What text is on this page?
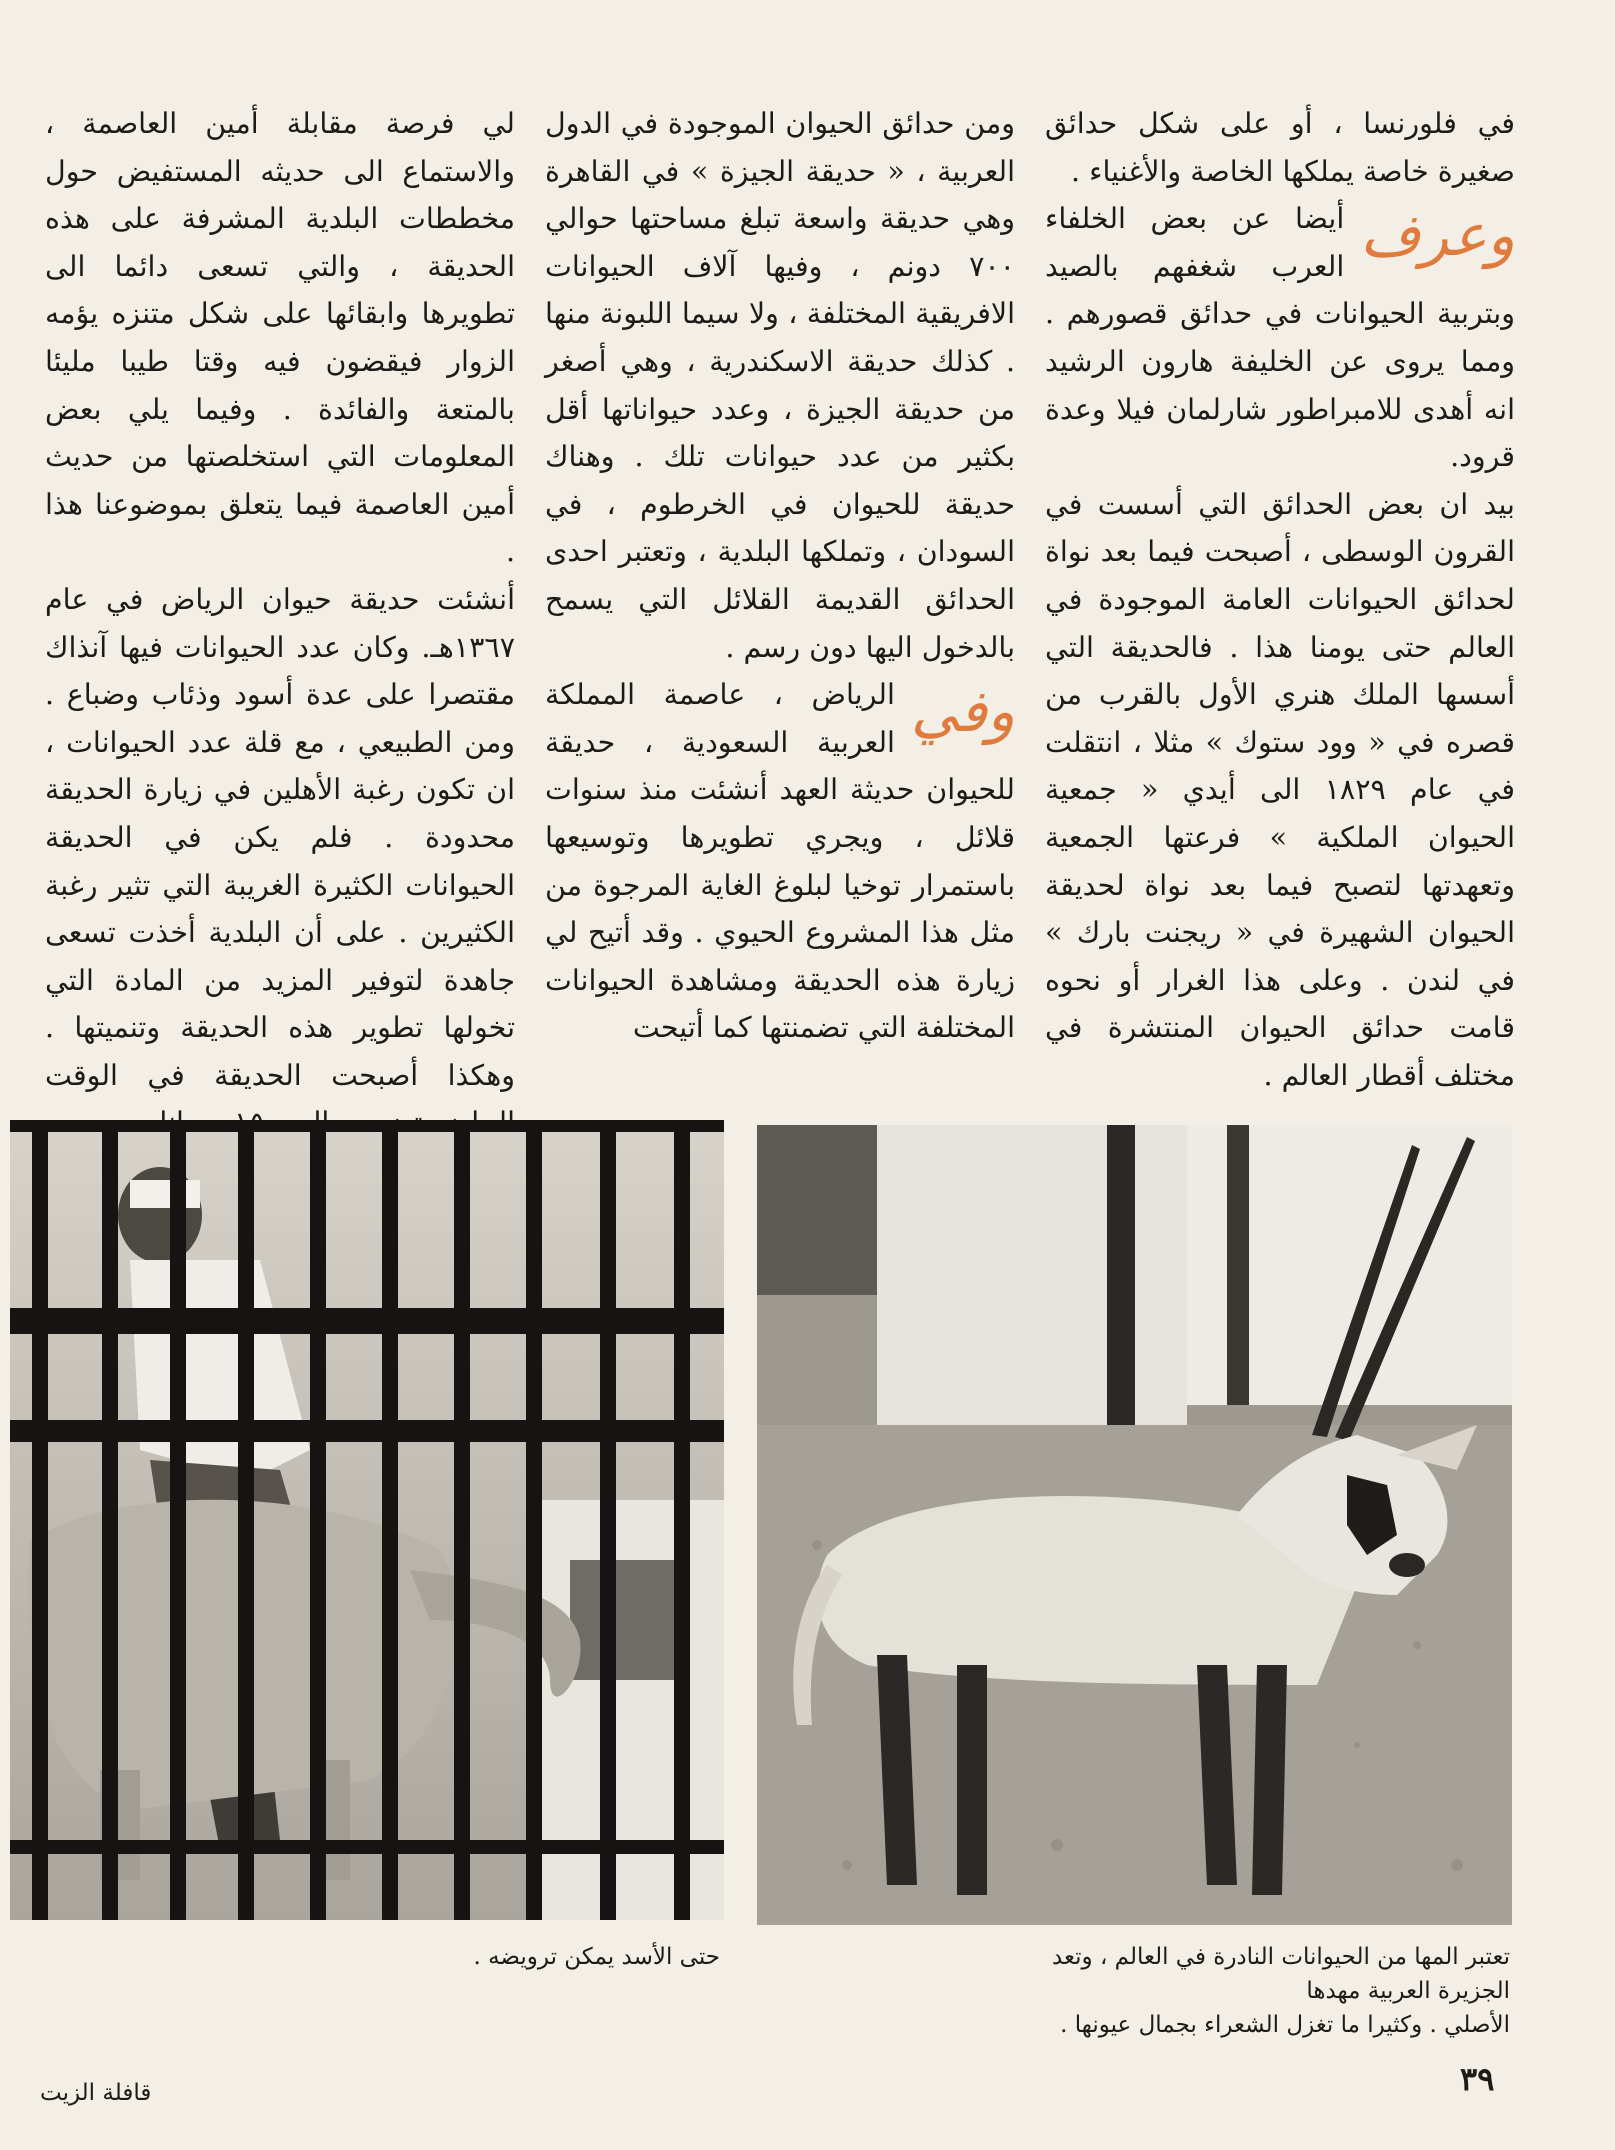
في فلورنسا ، أو على شكل حدائق صغيرة خاصة يملكها الخاصة والأغنياء .

وعرف
أيضا عن بعض الخلفاء العرب شغفهم بالصيد وبتربية الحيوانات في حدائق قصورهم . ومما يروى عن الخليفة هارون الرشيد انه أهدى للامبراطور شارلمان فيلا وعدة قرود.

بيد ان بعض الحدائق التي أسست في القرون الوسطى ، أصبحت فيما بعد نواة لحدائق الحيوانات العامة الموجودة في العالم حتى يومنا هذا . فالحديقة التي أسسها الملك هنري الأول بالقرب من قصره في « وود ستوك » مثلا ، انتقلت في عام ١٨٢٩ الى أيدي « جمعية الحيوان الملكية » فرعتها الجمعية وتعهدتها لتصبح فيما بعد نواة لحديقة الحيوان الشهيرة في « ريجنت بارك » في لندن . وعلى هذا الغرار أو نحوه قامت حدائق الحيوان المنتشرة في مختلف أقطار العالم .

ومن حدائق الحيوان الموجودة في الدول العربية ، « حديقة الجيزة » في القاهرة وهي حديقة واسعة تبلغ مساحتها حوالي ٧٠٠ دونم ، وفيها آلاف الحيوانات الافريقية المختلفة ، ولا سيما اللبونة منها . كذلك حديقة الاسكندرية ، وهي أصغر من حديقة الجيزة ، وعدد حيواناتها أقل بكثير من عدد حيوانات تلك . وهناك حديقة للحيوان في الخرطوم ، في السودان ، وتملكها البلدية ، وتعتبر احدى الحدائق القديمة القلائل التي يسمح بالدخول اليها دون رسم .

وفي
الرياض ، عاصمة المملكة العربية السعودية ، حديقة للحيوان حديثة العهد أنشئت منذ سنوات قلائل ، ويجري تطويرها وتوسيعها باستمرار توخيا لبلوغ الغاية المرجوة من مثل هذا المشروع الحيوي . وقد أتيح لي زيارة هذه الحديقة ومشاهدة الحيوانات المختلفة التي تضمنتها كما أتيحت

لي فرصة مقابلة أمين العاصمة ، والاستماع الى حديثه المستفيض حول مخططات البلدية المشرفة على هذه الحديقة ، والتي تسعى دائما الى تطويرها وابقائها على شكل متنزه يؤمه الزوار فيقضون فيه وقتا طيبا مليئا بالمتعة والفائدة . وفيما يلي بعض المعلومات التي استخلصتها من حديث أمين العاصمة فيما يتعلق بموضوعنا هذا .

أنشئت حديقة حيوان الرياض في عام ١٣٦٧هـ. وكان عدد الحيوانات فيها آنذاك مقتصرا على عدة أسود وذئاب وضباع . ومن الطبيعي ، مع قلة عدد الحيوانات ، ان تكون رغبة الأهلين في زيارة الحديقة محدودة . فلم يكن في الحديقة الحيوانات الكثيرة الغريبة التي تثير رغبة الكثيرين . على أن البلدية أخذت تسعى جاهدة لتوفير المزيد من المادة التي تخولها تطوير هذه الحديقة وتنميتها . وهكذا أصبحت الحديقة في الوقت

حتى الأسد يمكن ترويضه .	تعتبر المها من الحيوانات النادرة في العالم ، وتعد الجزيرة العربية مهدها
الأصلي . وكثيرا ما تغزل الشعراء بجمال عيونها .
٣٩
قافلة الزيت
